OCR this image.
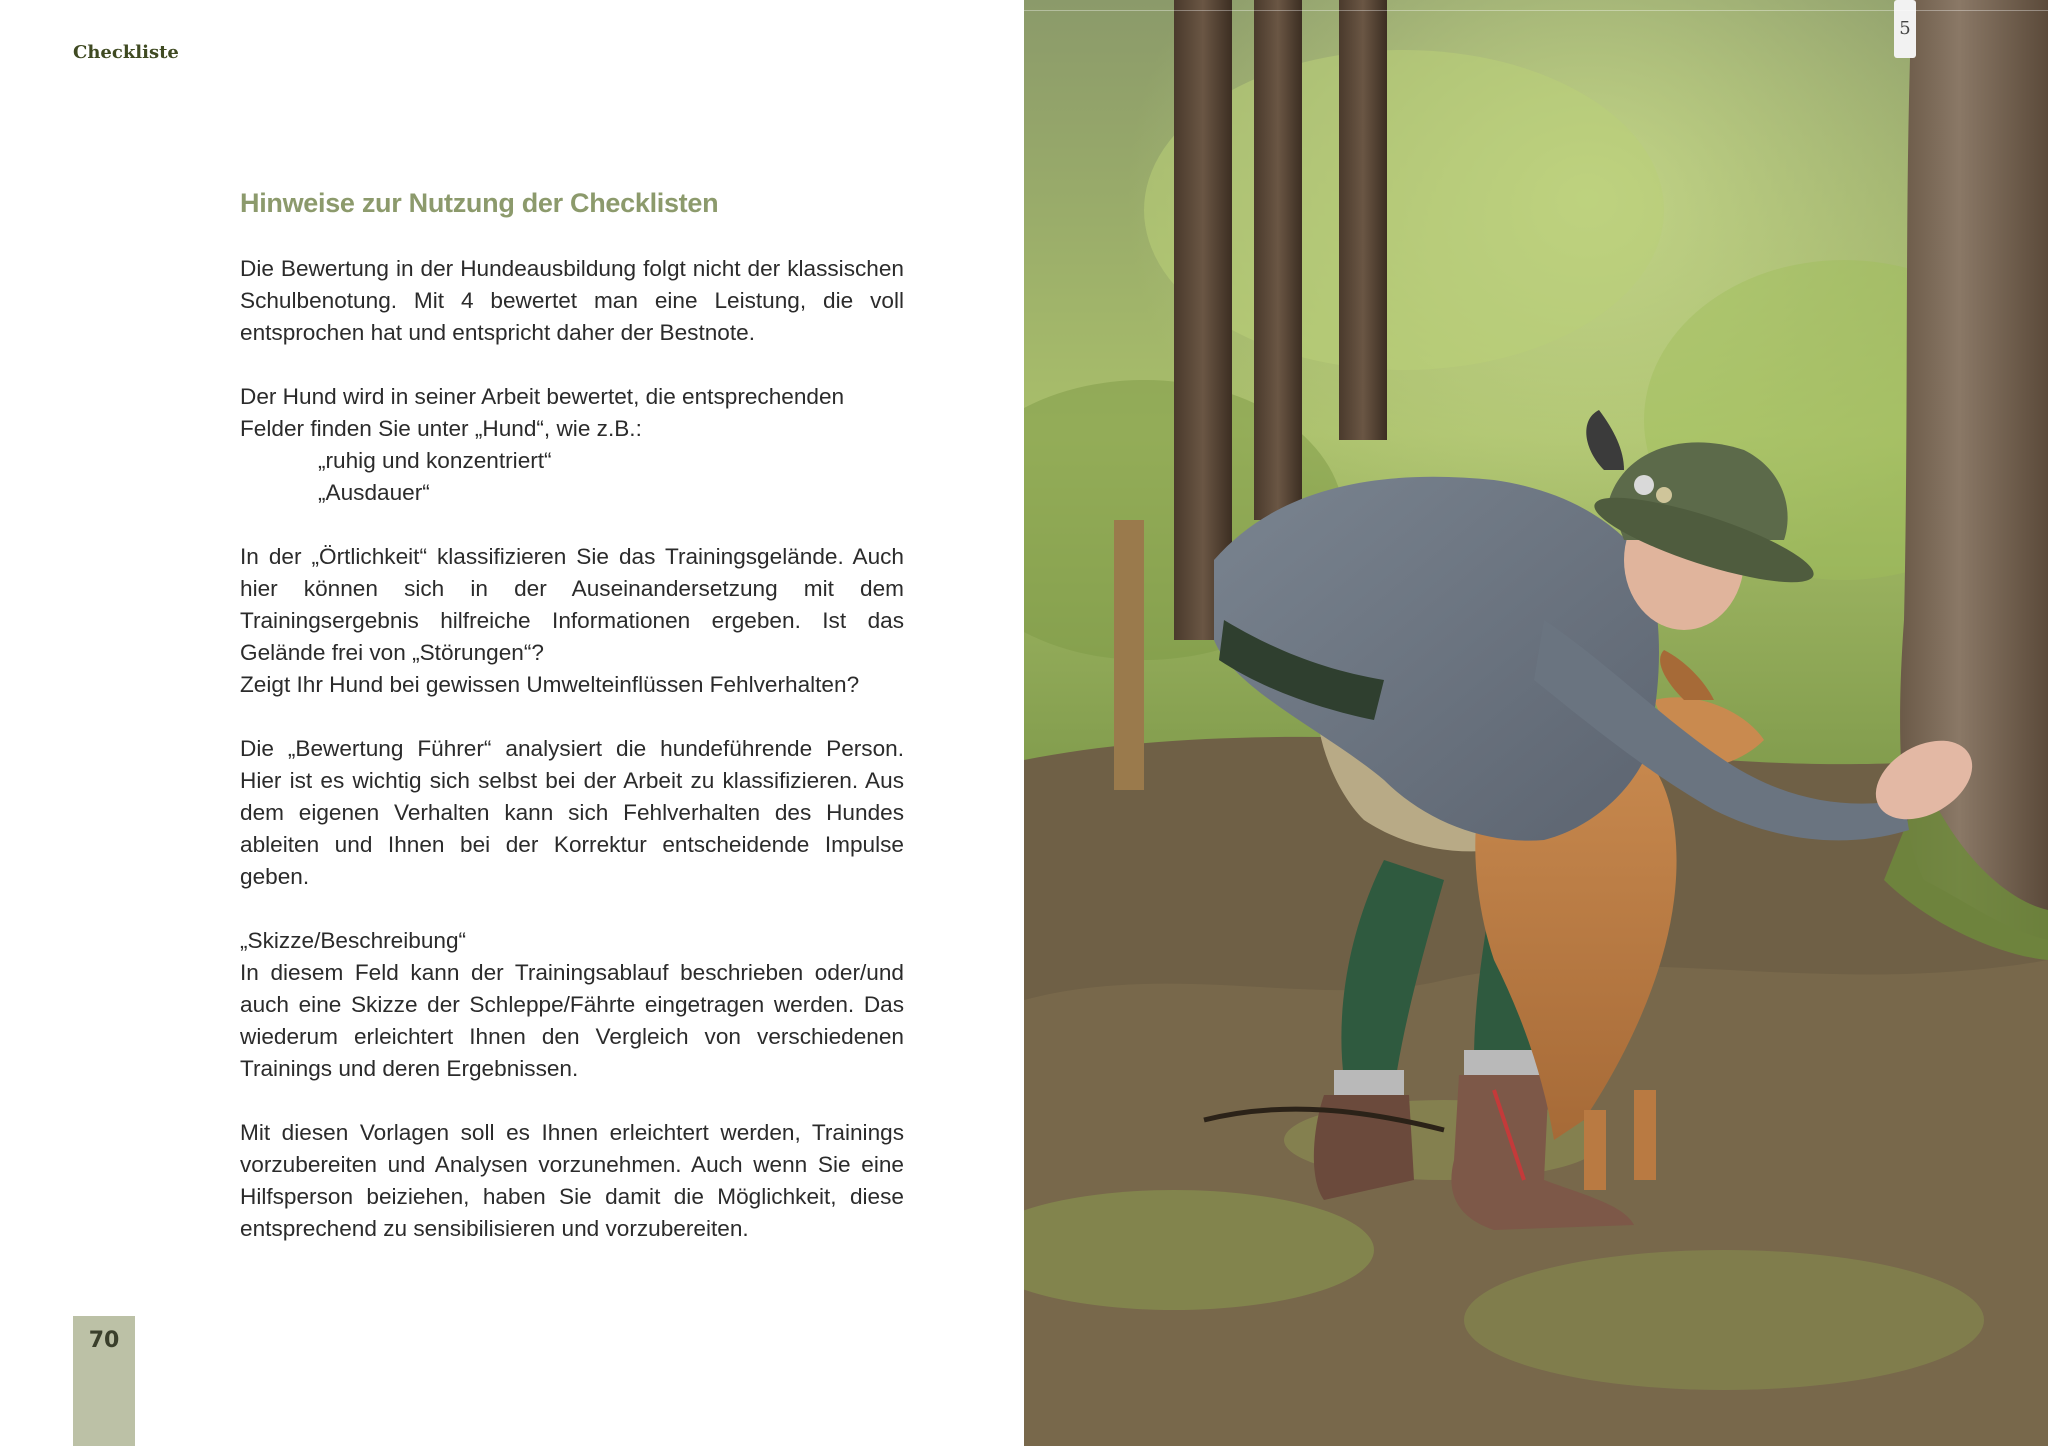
Checkliste
Hinweise zur Nutzung der Checklisten

Die Bewertung in der Hundeausbildung folgt nicht der klassischen Schulbenotung. Mit 4 bewertet man eine Leistung, die voll entsprochen hat und entspricht daher der Bestnote.

Der Hund wird in seiner Arbeit bewertet, die entsprechenden Felder finden Sie unter „Hund“, wie z.B.:
„ruhig und konzentriert“
„Ausdauer“

In der „Örtlichkeit“ klassifizieren Sie das Trainingsgelände. Auch hier können sich in der Auseinandersetzung mit dem Trainingsergebnis hilfreiche Informationen ergeben. Ist das Gelände frei von „Störungen“?
Zeigt Ihr Hund bei gewissen Umwelteinflüssen Fehlverhalten?

Die „Bewertung Führer“ analysiert die hundeführende Person. Hier ist es wichtig sich selbst bei der Arbeit zu klassifizieren. Aus dem eigenen Verhalten kann sich Fehlverhalten des Hundes ableiten und Ihnen bei der Korrektur entscheidende Impulse geben.

„Skizze/Beschreibung“
In diesem Feld kann der Trainingsablauf beschrieben oder/und auch eine Skizze der Schleppe/Fährte eingetragen werden. Das wiederum erleichtert Ihnen den Vergleich von verschiedenen Trainings und deren Ergebnissen.

Mit diesen Vorlagen soll es Ihnen erleichtert werden, Trainings vorzubereiten und Analysen vorzunehmen. Auch wenn Sie eine Hilfsperson beiziehen, haben Sie damit die Möglichkeit, diese entsprechend zu sensibilisieren und vorzubereiten.

70
5
